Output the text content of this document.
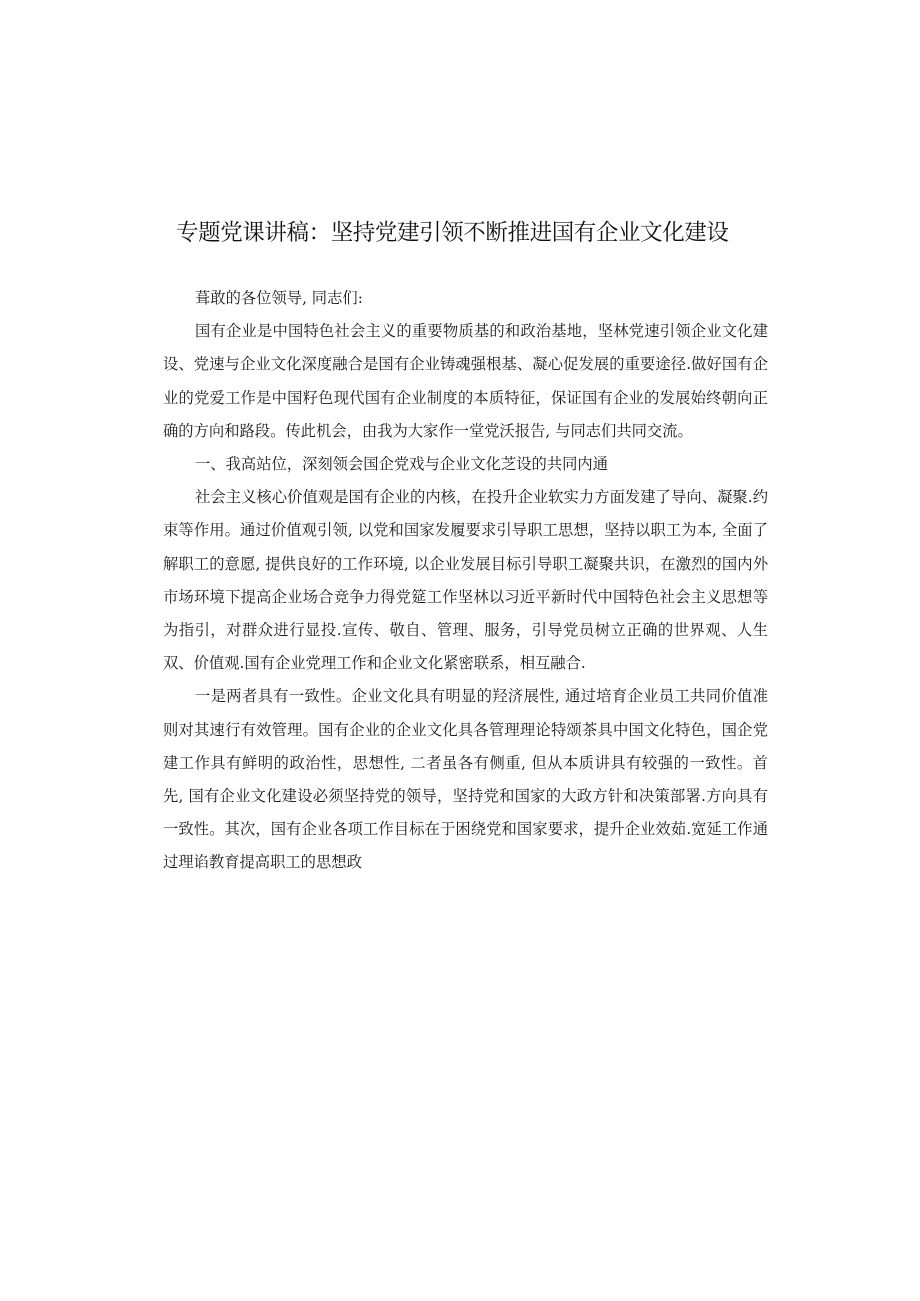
专题党课讲稿：坚持党建引领不断推进国有企业文化建设

葺敢的各位领导, 同志们:

国有企业是中国特色社会主义的重要物质基的和政治基地，坚林党速引领企业文化建设、党速与企业文化深度融合是国有企业铸魂强根基、凝心促发展的重要途径.做好国有企业的党爱工作是中国籽色现代国有企业制度的本质特征，保证国有企业的发展始终朝向正确的方向和路段。传此机会，由我为大家作一堂党沃报告, 与同志们共同交流。

一、我高站位，深刻领会国企党戏与企业文化芝设的共同内通

社会主义核心价值观是国有企业的内核，在投升企业软实力方面发建了导向、凝聚.约束等作用。通过价值观引领, 以党和国家发履要求引导职工思想，坚持以职工为本, 全面了解职工的意愿, 提供良好的工作环境, 以企业发展目标引导职工凝聚共识，在激烈的国内外市场环境下提高企业场合竞争力得党筵工作坚林以习近平新时代中国特色社会主义思想等为指引，对群众进行显投.宣传、敬自、管理、服务，引导党员树立正确的世界观、人生双、价值观.国有企业党理工作和企业文化紧密联系，相互融合.

一是两者具有一致性。企业文化具有明显的羟济展性, 通过培育企业员工共同价值准则对其速行有效管理。国有企业的企业文化具各管理理论特颂茶具中国文化特色，国企党建工作具有鲜明的政治性，思想性, 二者虽各有侧重, 但从本质讲具有较强的一致性。首先, 国有企业文化建设必须坚持党的领导，坚持党和国家的大政方针和决策部署.方向具有一致性。其次，国有企业各项工作目标在于困绕党和国家要求，提升企业效茹.宽延工作通过理谄教育提高职工的思想政
